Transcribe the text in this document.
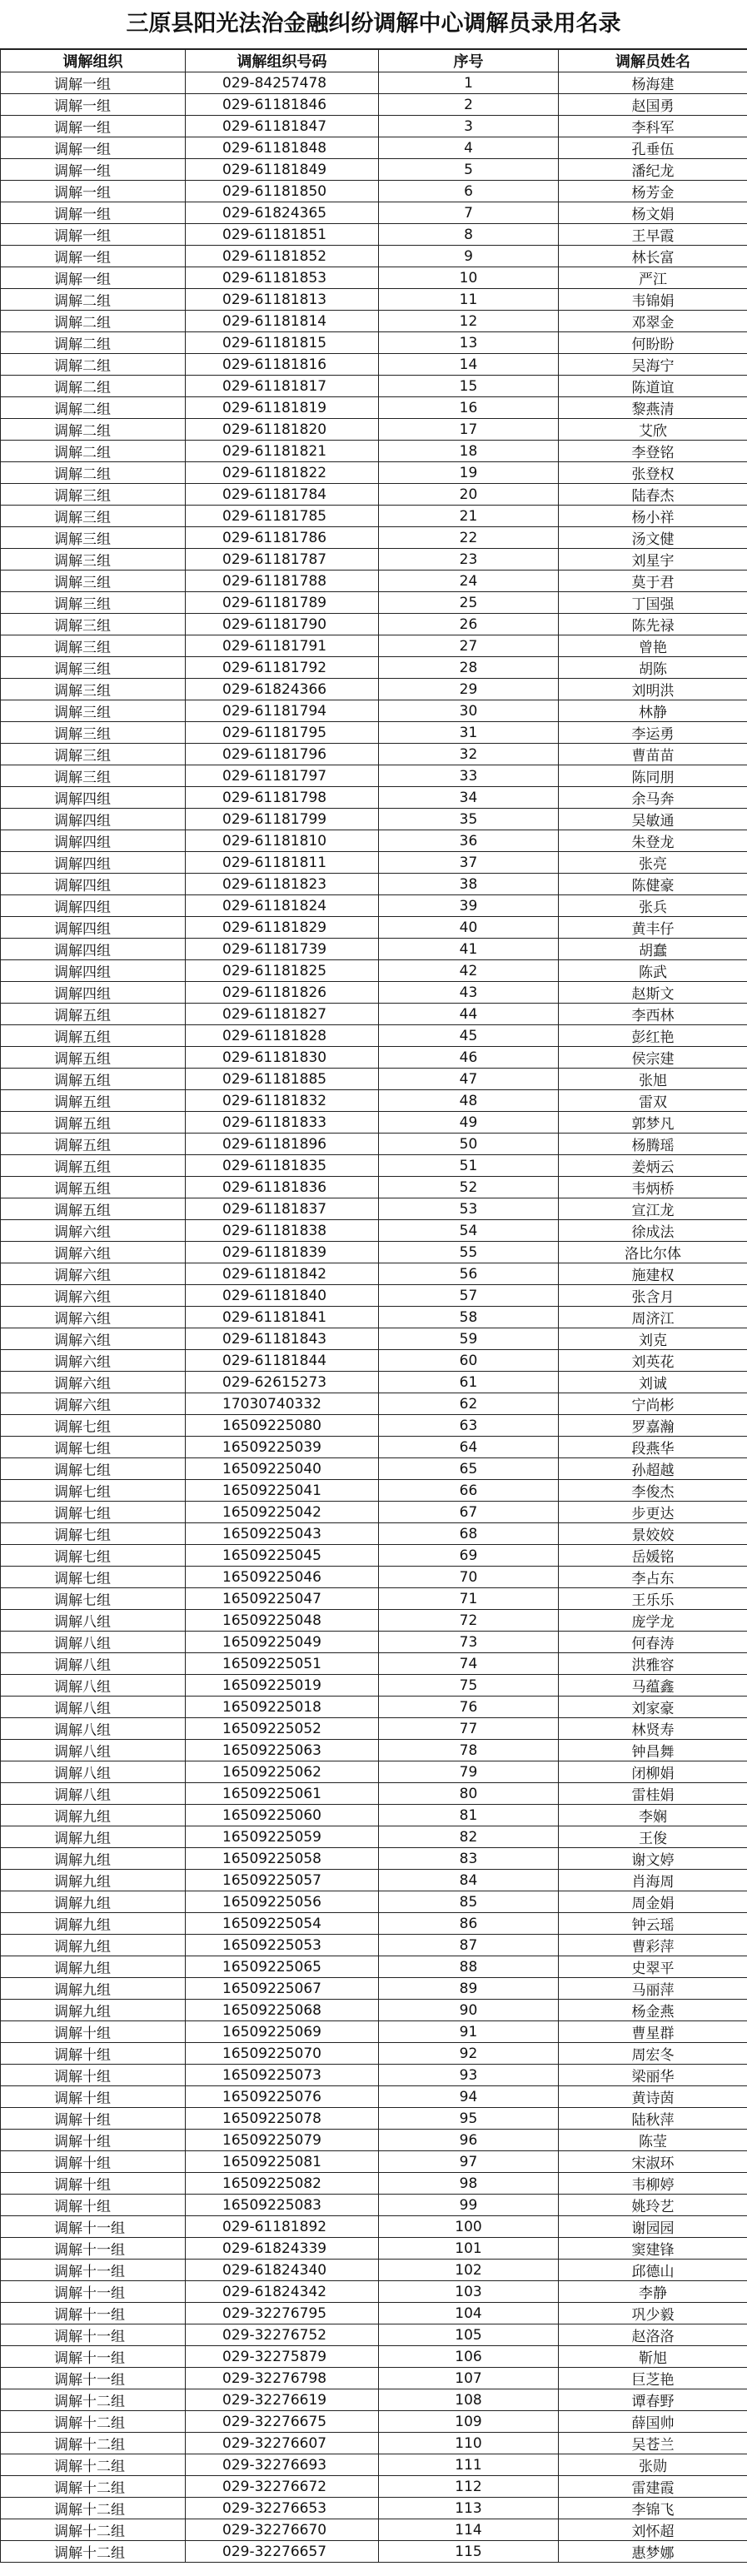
三原县阳光法治金融纠纷调解中心调解员录用名录
调解组织	调解组织号码	序号	调解员姓名
调解一组	029-84257478	1	杨海建
调解一组	029-61181846	2	赵国勇
调解一组	029-61181847	3	李科军
调解一组	029-61181848	4	孔垂伍
调解一组	029-61181849	5	潘纪龙
调解一组	029-61181850	6	杨芳金
调解一组	029-61824365	7	杨文娟
调解一组	029-61181851	8	王早霞
调解一组	029-61181852	9	林长富
调解一组	029-61181853	10	严江
调解二组	029-61181813	11	韦锦娟
调解二组	029-61181814	12	邓翠金
调解二组	029-61181815	13	何盼盼
调解二组	029-61181816	14	吴海宁
调解二组	029-61181817	15	陈道谊
调解二组	029-61181819	16	黎燕清
调解二组	029-61181820	17	艾欣
调解二组	029-61181821	18	李登铭
调解二组	029-61181822	19	张登权
调解三组	029-61181784	20	陆春杰
调解三组	029-61181785	21	杨小祥
调解三组	029-61181786	22	汤文健
调解三组	029-61181787	23	刘星宇
调解三组	029-61181788	24	莫于君
调解三组	029-61181789	25	丁国强
调解三组	029-61181790	26	陈先禄
调解三组	029-61181791	27	曾艳
调解三组	029-61181792	28	胡陈
调解三组	029-61824366	29	刘明洪
调解三组	029-61181794	30	林静
调解三组	029-61181795	31	李运勇
调解三组	029-61181796	32	曹苗苗
调解三组	029-61181797	33	陈同朋
调解四组	029-61181798	34	余马奔
调解四组	029-61181799	35	吴敏通
调解四组	029-61181810	36	朱登龙
调解四组	029-61181811	37	张亮
调解四组	029-61181823	38	陈健豪
调解四组	029-61181824	39	张兵
调解四组	029-61181829	40	黄丰仔
调解四组	029-61181739	41	胡蠢
调解四组	029-61181825	42	陈武
调解四组	029-61181826	43	赵斯文
调解五组	029-61181827	44	李西林
调解五组	029-61181828	45	彭红艳
调解五组	029-61181830	46	侯宗建
调解五组	029-61181885	47	张旭
调解五组	029-61181832	48	雷双
调解五组	029-61181833	49	郭梦凡
调解五组	029-61181896	50	杨腾瑶
调解五组	029-61181835	51	姜炳云
调解五组	029-61181836	52	韦炳桥
调解五组	029-61181837	53	宣江龙
调解六组	029-61181838	54	徐成法
调解六组	029-61181839	55	洛比尔体
调解六组	029-61181842	56	施建权
调解六组	029-61181840	57	张含月
调解六组	029-61181841	58	周济江
调解六组	029-61181843	59	刘克
调解六组	029-61181844	60	刘英花
调解六组	029-62615273	61	刘诚
调解六组	17030740332	62	宁尚彬
调解七组	16509225080	63	罗嘉瀚
调解七组	16509225039	64	段燕华
调解七组	16509225040	65	孙超越
调解七组	16509225041	66	李俊杰
调解七组	16509225042	67	步更达
调解七组	16509225043	68	景姣姣
调解七组	16509225045	69	岳媛铭
调解七组	16509225046	70	李占东
调解七组	16509225047	71	王乐乐
调解八组	16509225048	72	庞学龙
调解八组	16509225049	73	何春涛
调解八组	16509225051	74	洪雅容
调解八组	16509225019	75	马蕴鑫
调解八组	16509225018	76	刘家豪
调解八组	16509225052	77	林贤寿
调解八组	16509225063	78	钟昌舞
调解八组	16509225062	79	闭柳娟
调解八组	16509225061	80	雷桂娟
调解九组	16509225060	81	李娴
调解九组	16509225059	82	王俊
调解九组	16509225058	83	谢文婷
调解九组	16509225057	84	肖海周
调解九组	16509225056	85	周金娟
调解九组	16509225054	86	钟云瑶
调解九组	16509225053	87	曹彩萍
调解九组	16509225065	88	史翠平
调解九组	16509225067	89	马丽萍
调解九组	16509225068	90	杨金燕
调解十组	16509225069	91	曹星群
调解十组	16509225070	92	周宏冬
调解十组	16509225073	93	梁丽华
调解十组	16509225076	94	黄诗茵
调解十组	16509225078	95	陆秋萍
调解十组	16509225079	96	陈莹
调解十组	16509225081	97	宋淑环
调解十组	16509225082	98	韦柳婷
调解十组	16509225083	99	姚玲艺
调解十一组	029-61181892	100	谢园园
调解十一组	029-61824339	101	窦建锋
调解十一组	029-61824340	102	邱德山
调解十一组	029-61824342	103	李静
调解十一组	029-32276795	104	巩少毅
调解十一组	029-32276752	105	赵洛洛
调解十一组	029-32275879	106	靳旭
调解十一组	029-32276798	107	巨芝艳
调解十二组	029-32276619	108	谭春野
调解十二组	029-32276675	109	薛国帅
调解十二组	029-32276607	110	吴苍兰
调解十二组	029-32276693	111	张勋
调解十二组	029-32276672	112	雷建霞
调解十二组	029-32276653	113	李锦飞
调解十二组	029-32276670	114	刘怀超
调解十二组	029-32276657	115	惠梦娜
